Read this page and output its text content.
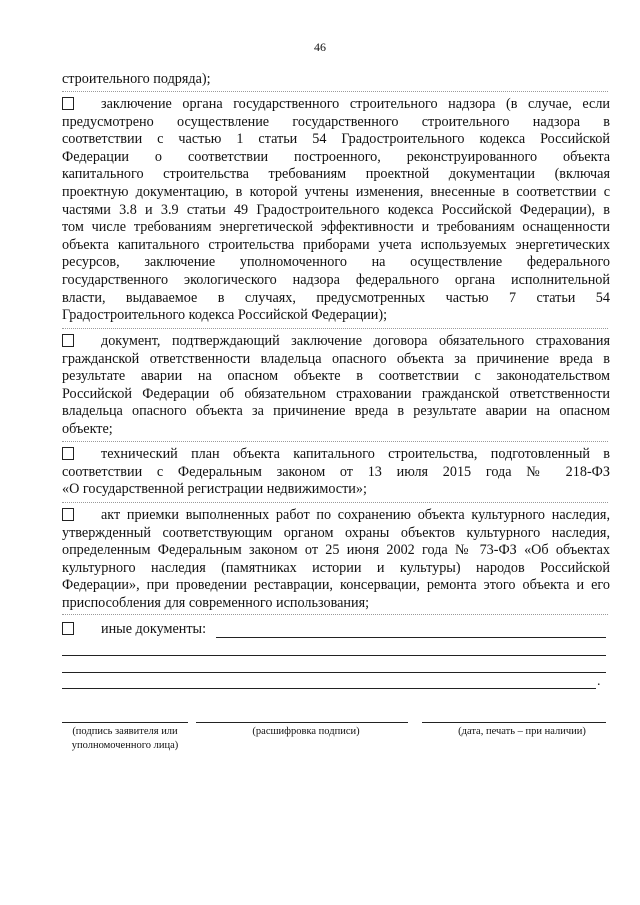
46

строительного подряда);

заключение органа государственного строительного надзора (в случае, если
предусмотрено осуществление государственного строительного надзора в
соответствии с частью 1 статьи 54 Градостроительного кодекса Российской
Федерации о соответствии построенного, реконструированного объекта
капитального строительства требованиям проектной документации (включая
проектную документацию, в которой учтены изменения, внесенные в соответствии с
частями 3.8 и 3.9 статьи 49 Градостроительного кодекса Российской Федерации), в
том числе требованиям энергетической эффективности и требованиям оснащенности
объекта капитального строительства приборами учета используемых энергетических
ресурсов, заключение уполномоченного на осуществление федерального
государственного экологического надзора федерального органа исполнительной
власти, выдаваемое в случаях, предусмотренных частью 7 статьи 54
Градостроительного кодекса Российской Федерации);
документ, подтверждающий заключение договора обязательного страхования
гражданской ответственности владельца опасного объекта за причинение вреда в
результате аварии на опасном объекте в соответствии с законодательством
Российской Федерации об обязательном страховании гражданской ответственности
владельца опасного объекта за причинение вреда в результате аварии на опасном
объекте;
технический план объекта капитального строительства, подготовленный в
соответствии с Федеральным законом от 13 июля 2015 года № 218-ФЗ
«О государственной регистрации недвижимости»;
акт приемки выполненных работ по сохранению объекта культурного наследия,
утвержденный соответствующим органом охраны объектов культурного наследия,
определенным Федеральным законом от 25 июня 2002 года № 73-ФЗ «Об объектах
культурного наследия (памятниках истории и культуры) народов Российской
Федерации», при проведении реставрации, консервации, ремонта этого объекта и его
приспособления для современного использования;
иные документы:
.
(подпись заявителя или
уполномоченного лица)
(расшифровка подписи)	(дата, печать – при наличии)
